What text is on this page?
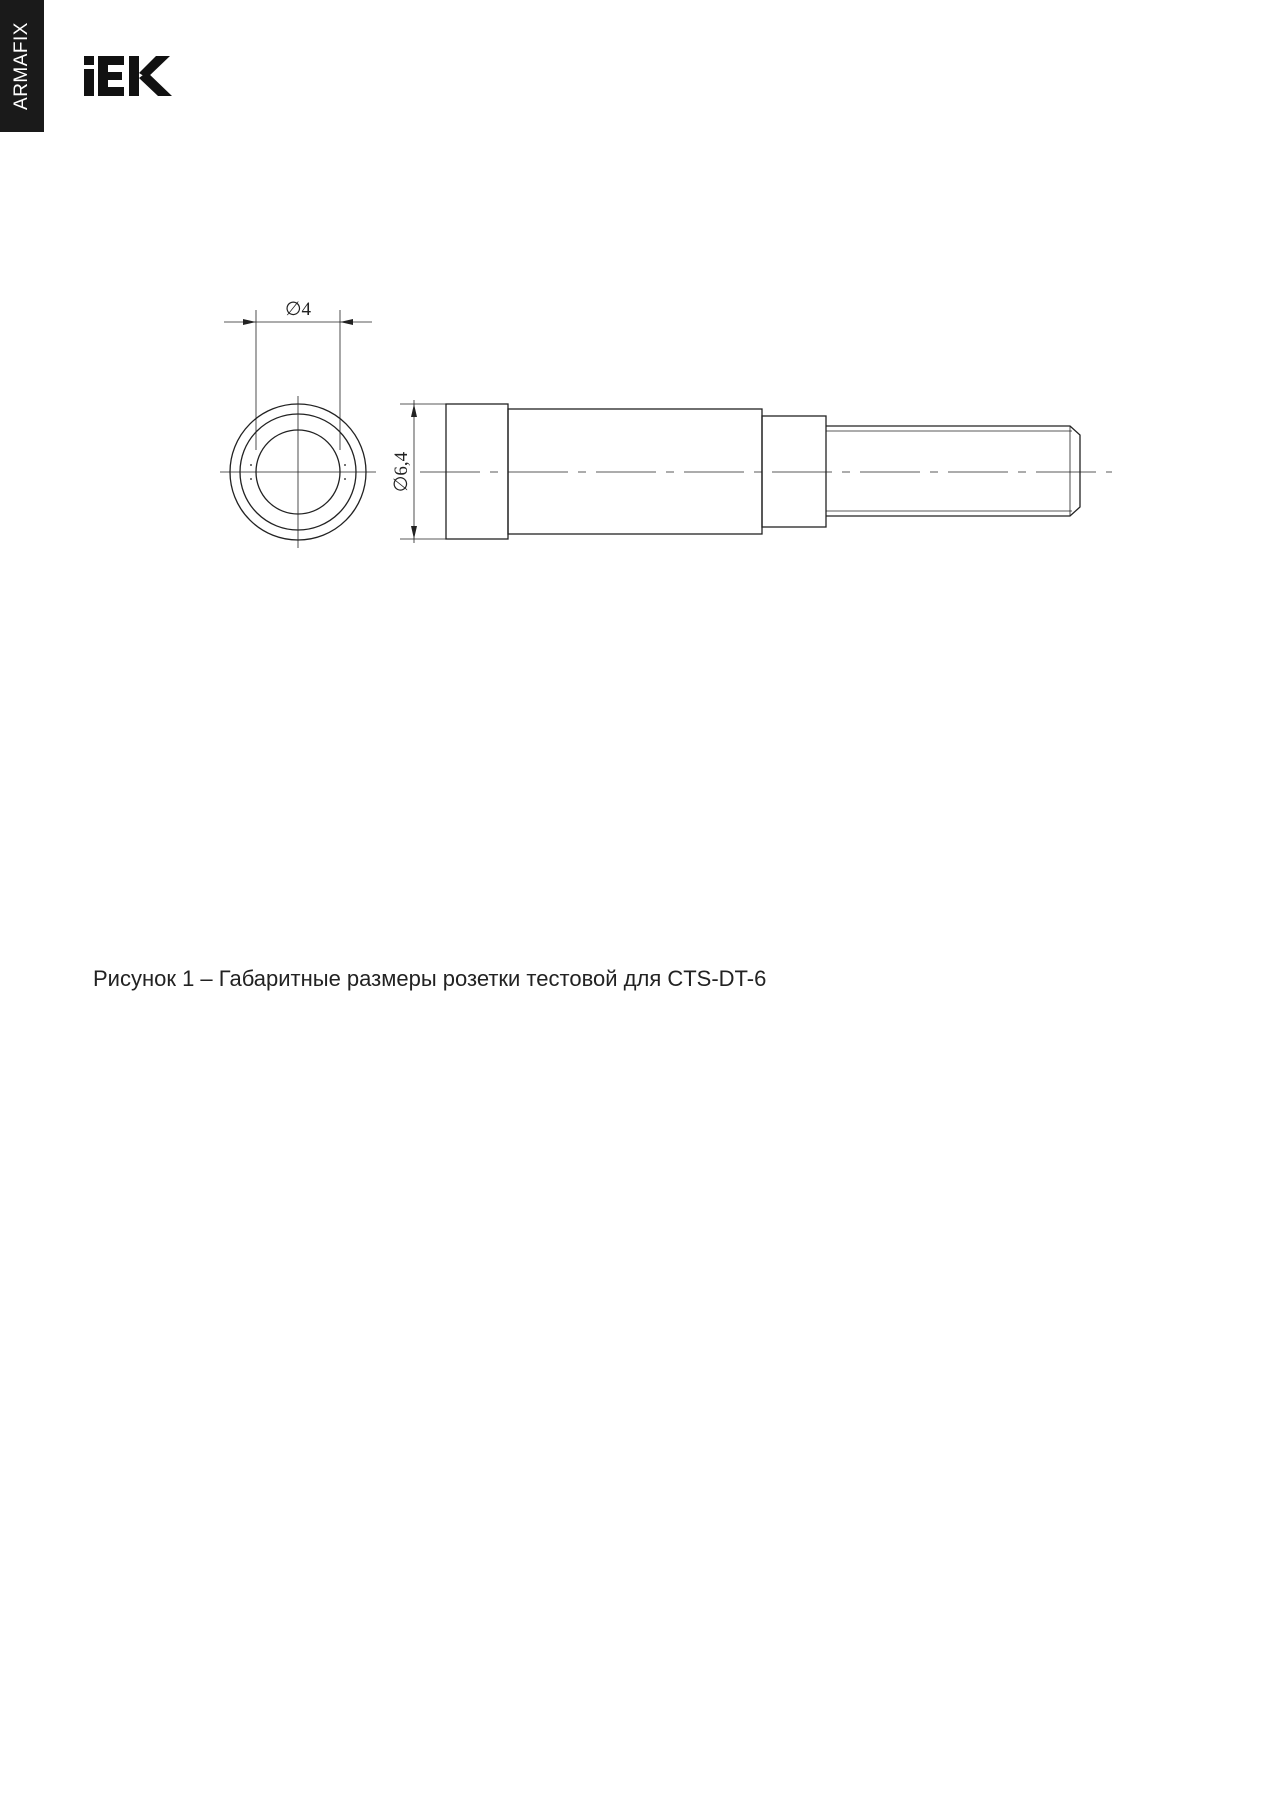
ARMAFIX
∅4
∅6,4
Рисунок 1 – Габаритные размеры розетки тестовой для CTS-DT-6
